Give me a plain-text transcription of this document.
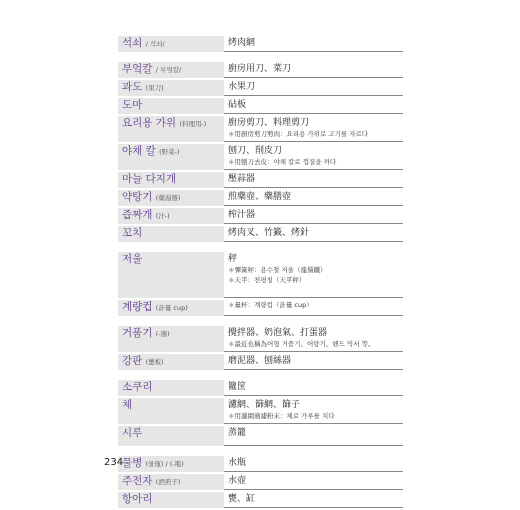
석쇠 / 석쇠/	烤肉網
부엌칼 / 부엌칼/	廚房用刀、菜刀
과도 (果刀)	水果刀
도마	砧板
요리용 가위 (料理用-)	廚房剪刀、料理剪刀
＊用廚房剪刀剪肉：요리용 가위로 고기를 자르다
야채 칼 (野菜-)	刨刀、削皮刀
＊用刨刀去皮：야채 칼로 껍질을 까다
마늘 다지개	壓蒜器
약탕기 (藥湯器)	煎藥壺、藥膳壺
즙짜개 (汁-)	榨汁器
꼬치	烤肉叉、竹籤、烤針
저울	秤
＊彈簧秤：용수철 저울（龍鬚鐵）
＊天平：천평칭（天平秤）
계량컵 (計量 cup)	＊量杯：계량컵（計量 cup）
거품기 (-器)	攪拌器、奶泡氣、打蛋器
＊最近也稱為어형 거품기、어랑기、핸드 믹서 等。
강판 (薑板)	磨泥器、刨絲器
소쿠리	籮筐
체	濾網、篩網、篩子
＊用濾網過濾粉末：체로 가루를 치다
시루	蒸籠
물병 (물甁) / (-瓶)	水瓶
주전자 (酒煎子)	水壺
항아리	甕、缸
234
